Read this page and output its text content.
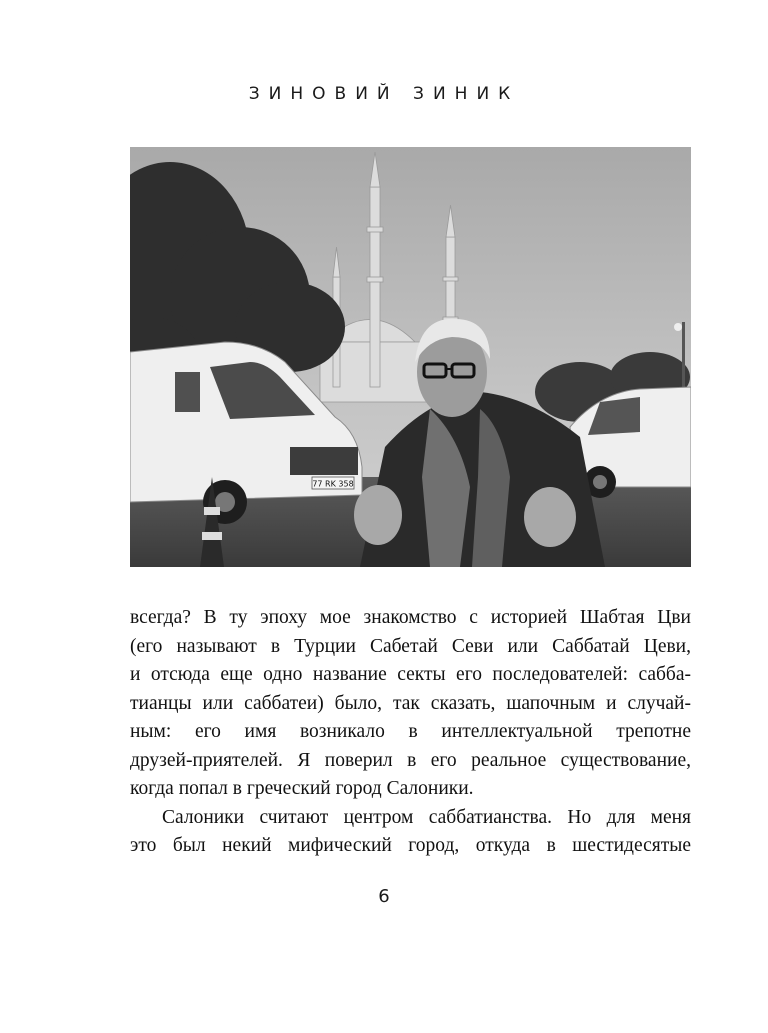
ЗИНОВИЙ ЗИНИК
77 RK 358
всегда? В ту эпоху мое знакомство с историей Шабтая Цви
(его называют в Турции Сабетай Севи или Саббатай Цеви,
и отсюда еще одно название секты его последователей: сабба-
тианцы или саббатеи) было, так сказать, шапочным и случай-
ным: его имя возникало в интеллектуальной трепотне
друзей-приятелей. Я поверил в его реальное существование,
когда попал в греческий город Салоники.
Салоники считают центром саббатианства. Но для меня
это был некий мифический город, откуда в шестидесятые
6
